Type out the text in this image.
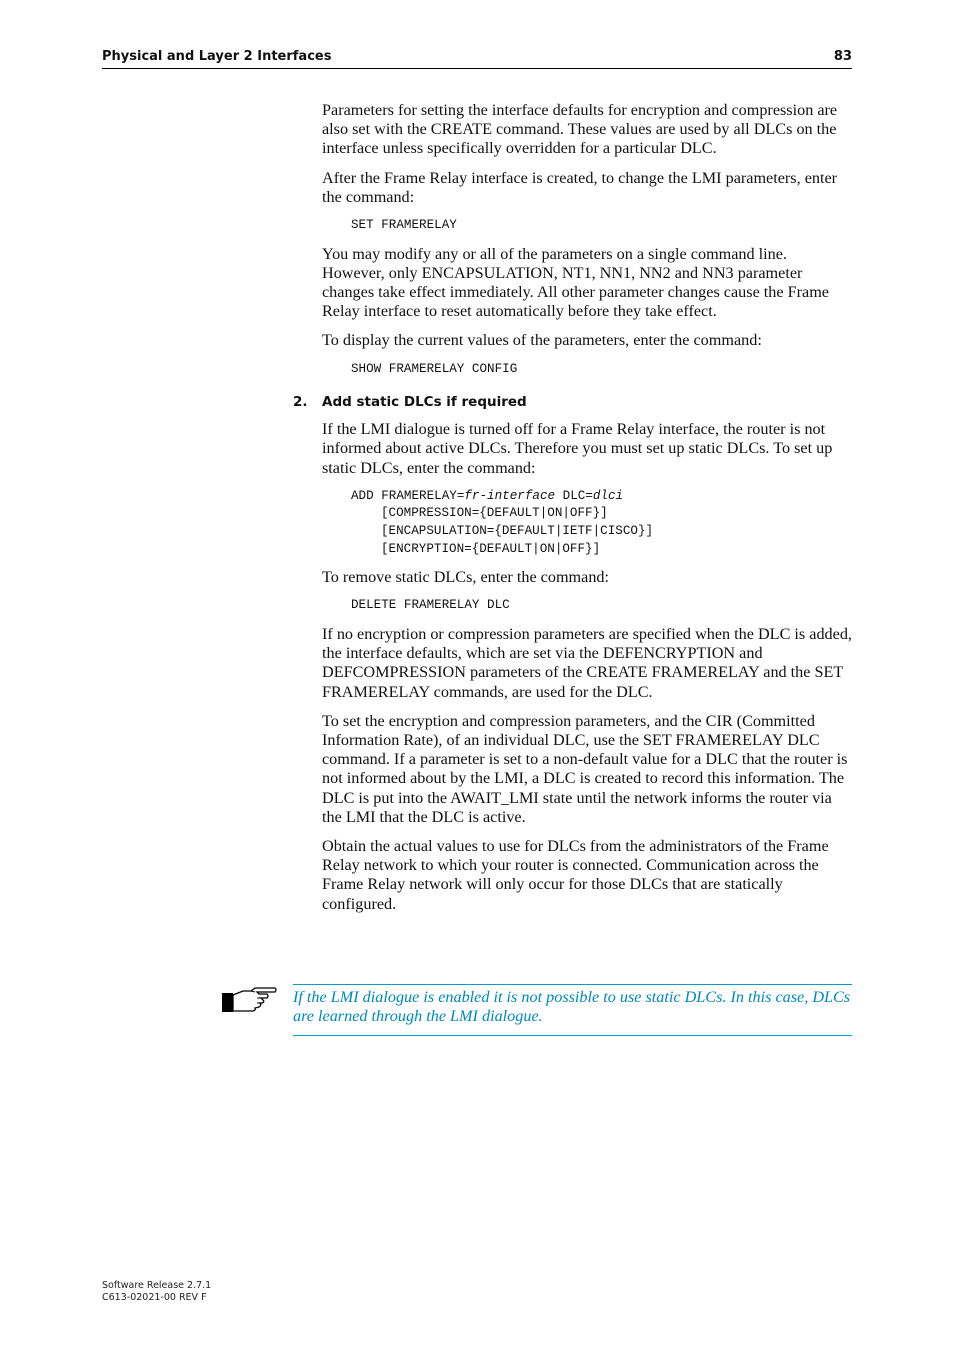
Physical and Layer 2 Interfaces	83

Parameters for setting the interface defaults for encryption and compression are also set with the CREATE command. These values are used by all DLCs on the interface unless specifically overridden for a particular DLC.

After the Frame Relay interface is created, to change the LMI parameters, enter the command:

SET FRAMERELAY

You may modify any or all of the parameters on a single command line. However, only ENCAPSULATION, NT1, NN1, NN2 and NN3 parameter changes take effect immediately. All other parameter changes cause the Frame Relay interface to reset automatically before they take effect.

To display the current values of the parameters, enter the command:

SHOW FRAMERELAY CONFIG
2. Add static DLCs if required

If the LMI dialogue is turned off for a Frame Relay interface, the router is not informed about active DLCs. Therefore you must set up static DLCs. To set up static DLCs, enter the command:

ADD FRAMERELAY=fr-interface DLC=dlci
[COMPRESSION={DEFAULT|ON|OFF}]
[ENCAPSULATION={DEFAULT|IETF|CISCO}]
[ENCRYPTION={DEFAULT|ON|OFF}]

To remove static DLCs, enter the command:

DELETE FRAMERELAY DLC

If no encryption or compression parameters are specified when the DLC is added, the interface defaults, which are set via the DEFENCRYPTION and DEFCOMPRESSION parameters of the CREATE FRAMERELAY and the SET FRAMERELAY commands, are used for the DLC.

To set the encryption and compression parameters, and the CIR (Committed Information Rate), of an individual DLC, use the SET FRAMERELAY DLC command. If a parameter is set to a non-default value for a DLC that the router is not informed about by the LMI, a DLC is created to record this information. The DLC is put into the AWAIT_LMI state until the network informs the router via the LMI that the DLC is active.

Obtain the actual values to use for DLCs from the administrators of the Frame Relay network to which your router is connected. Communication across the Frame Relay network will only occur for those DLCs that are statically configured.

If the LMI dialogue is enabled it is not possible to use static DLCs. In this case, DLCs are learned through the LMI dialogue.
Software Release 2.7.1
C613-02021-00 REV F
